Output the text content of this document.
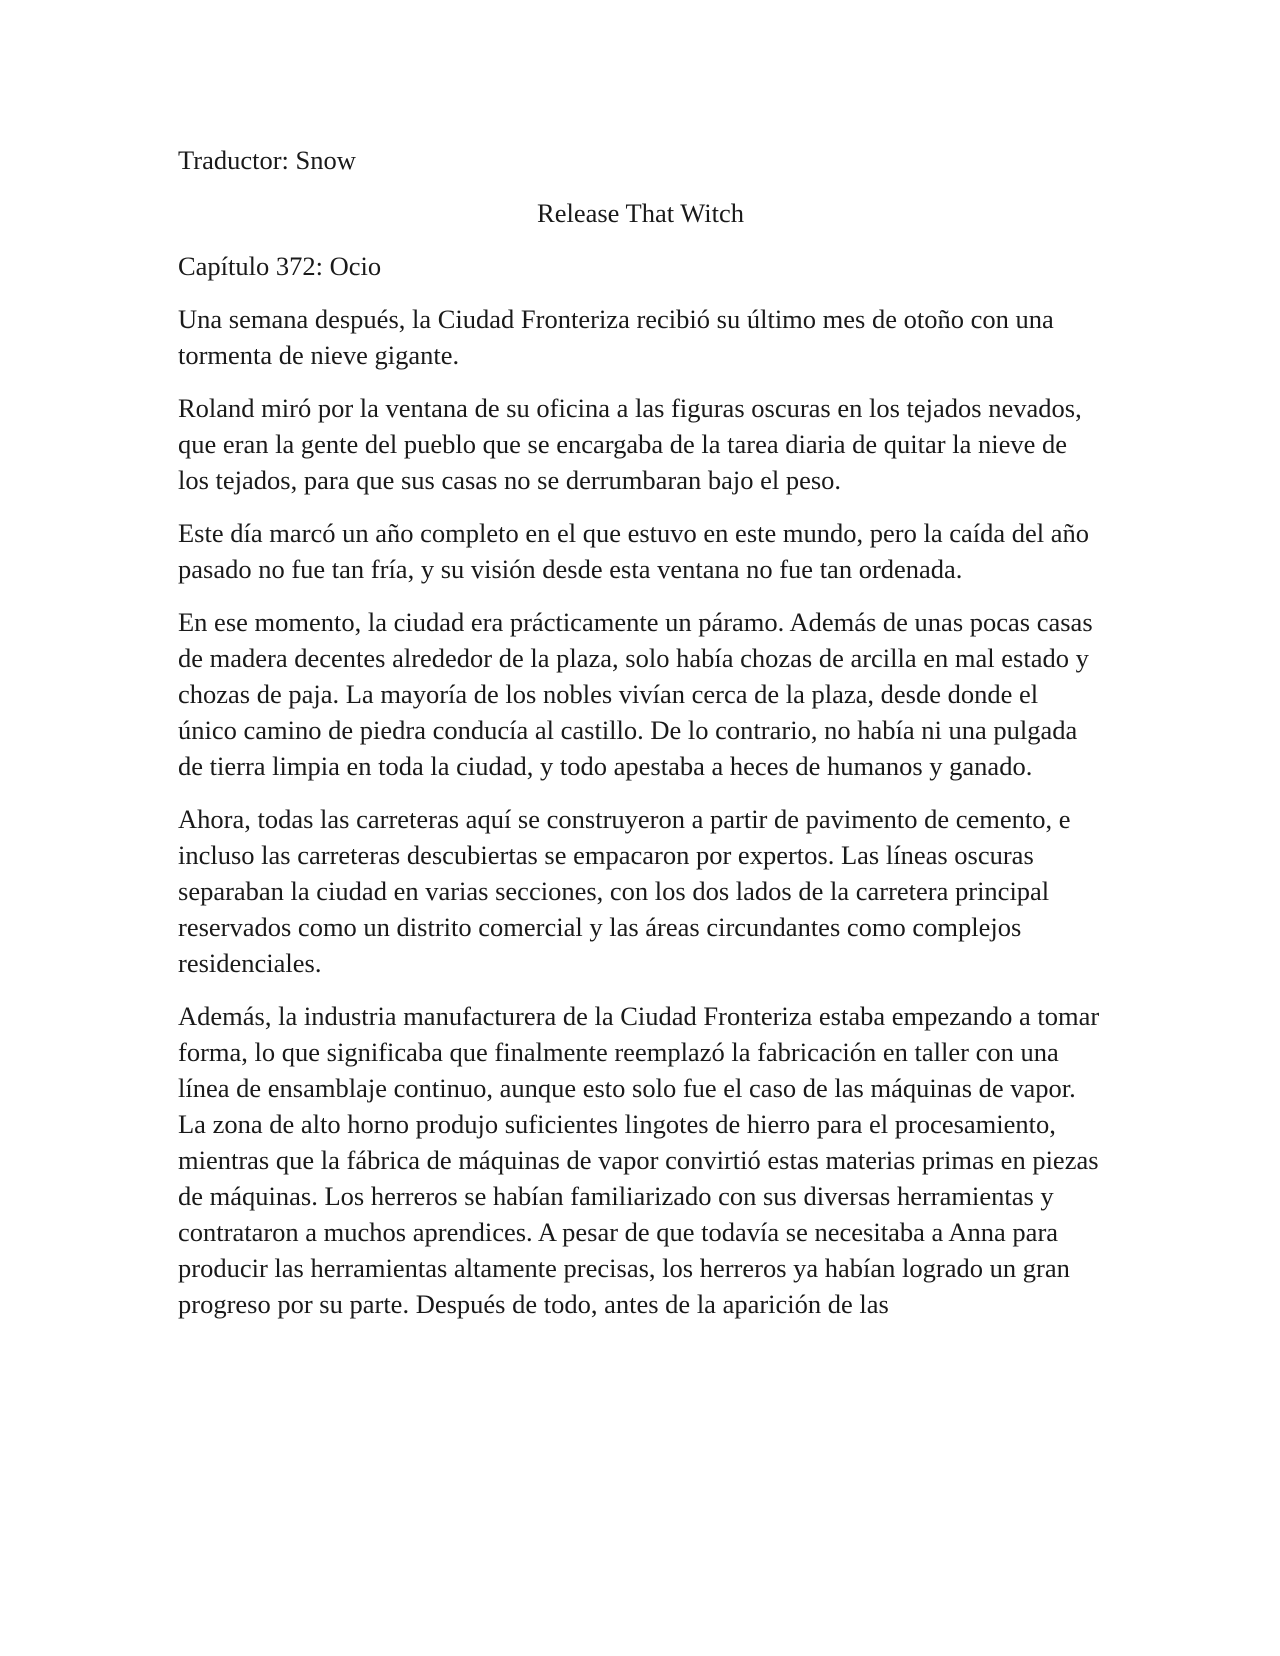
Traductor: Snow

Release That Witch

Capítulo 372: Ocio

Una semana después, la Ciudad Fronteriza recibió su último mes de otoño con una tormenta de nieve gigante.

Roland miró por la ventana de su oficina a las figuras oscuras en los tejados nevados, que eran la gente del pueblo que se encargaba de la tarea diaria de quitar la nieve de los tejados, para que sus casas no se derrumbaran bajo el peso.

Este día marcó un año completo en el que estuvo en este mundo, pero la caída del año pasado no fue tan fría, y su visión desde esta ventana no fue tan ordenada.

En ese momento, la ciudad era prácticamente un páramo. Además de unas pocas casas de madera decentes alrededor de la plaza, solo había chozas de arcilla en mal estado y chozas de paja. La mayoría de los nobles vivían cerca de la plaza, desde donde el único camino de piedra conducía al castillo. De lo contrario, no había ni una pulgada de tierra limpia en toda la ciudad, y todo apestaba a heces de humanos y ganado.

Ahora, todas las carreteras aquí se construyeron a partir de pavimento de cemento, e incluso las carreteras descubiertas se empacaron por expertos. Las líneas oscuras separaban la ciudad en varias secciones, con los dos lados de la carretera principal reservados como un distrito comercial y las áreas circundantes como complejos residenciales.

Además, la industria manufacturera de la Ciudad Fronteriza estaba empezando a tomar forma, lo que significaba que finalmente reemplazó la fabricación en taller con una línea de ensamblaje continuo, aunque esto solo fue el caso de las máquinas de vapor. La zona de alto horno produjo suficientes lingotes de hierro para el procesamiento, mientras que la fábrica de máquinas de vapor convirtió estas materias primas en piezas de máquinas. Los herreros se habían familiarizado con sus diversas herramientas y contrataron a muchos aprendices. A pesar de que todavía se necesitaba a Anna para producir las herramientas altamente precisas, los herreros ya habían logrado un gran progreso por su parte. Después de todo, antes de la aparición de las
